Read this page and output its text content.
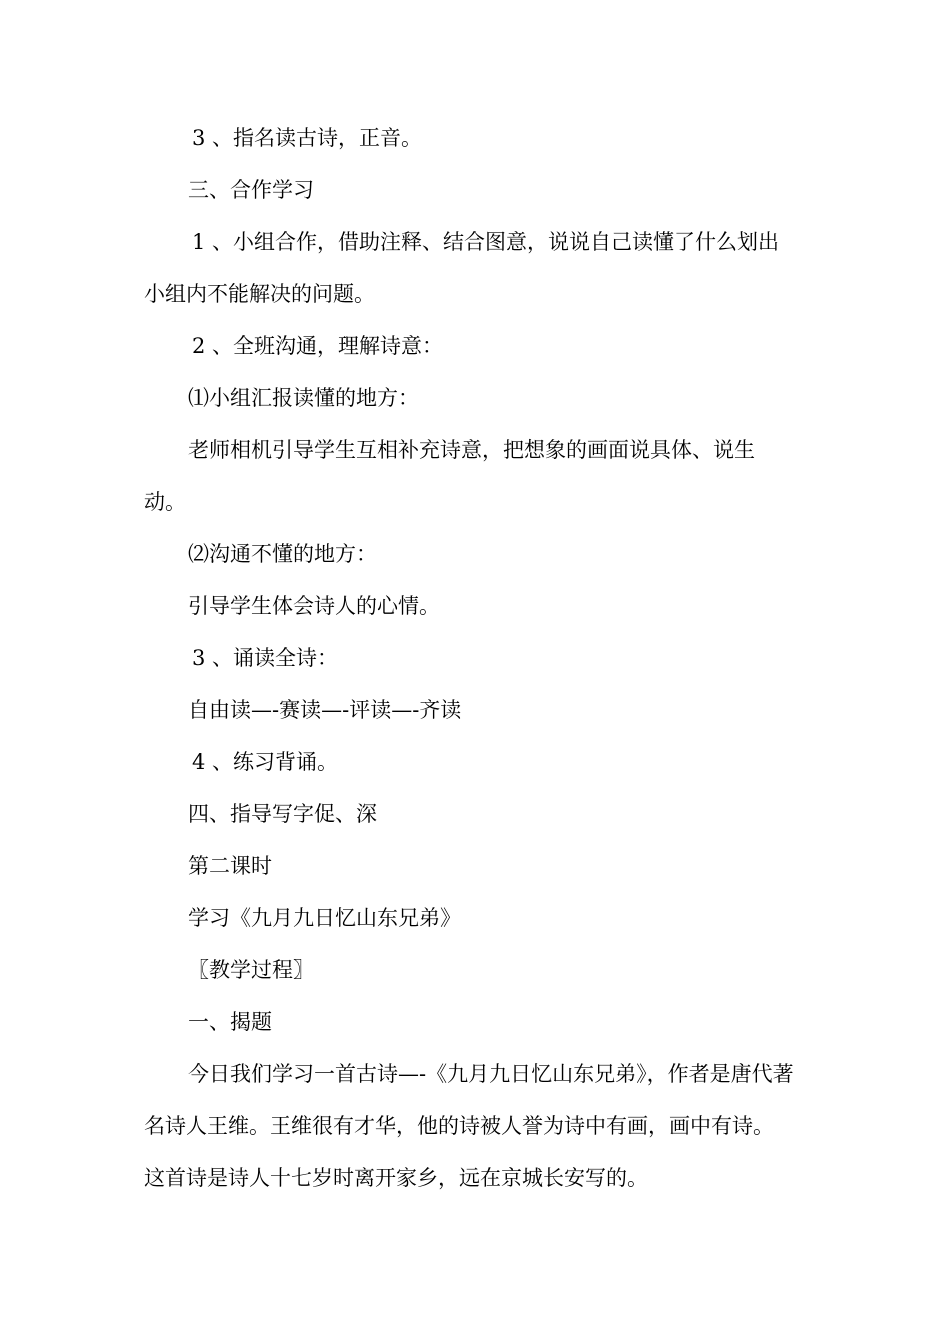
3 、指名读古诗，正音。

三、合作学习

1 、小组合作，借助注释、结合图意，说说自己读懂了什么划出小组内不能解决的问题。

2 、全班沟通，理解诗意：

⑴小组汇报读懂的地方：

老师相机引导学生互相补充诗意，把想象的画面说具体、说生动。

⑵沟通不懂的地方：

引导学生体会诗人的心情。

3 、诵读全诗：

自由读—-赛读—-评读—-齐读

4 、练习背诵。

四、指导写字促、深

第二课时

学习《九月九日忆山东兄弟》

〖教学过程〗

一、揭题

今日我们学习一首古诗—-《九月九日忆山东兄弟》，作者是唐代著名诗人王维。王维很有才华，他的诗被人誉为诗中有画，画中有诗。这首诗是诗人十七岁时离开家乡，远在京城长安写的。
